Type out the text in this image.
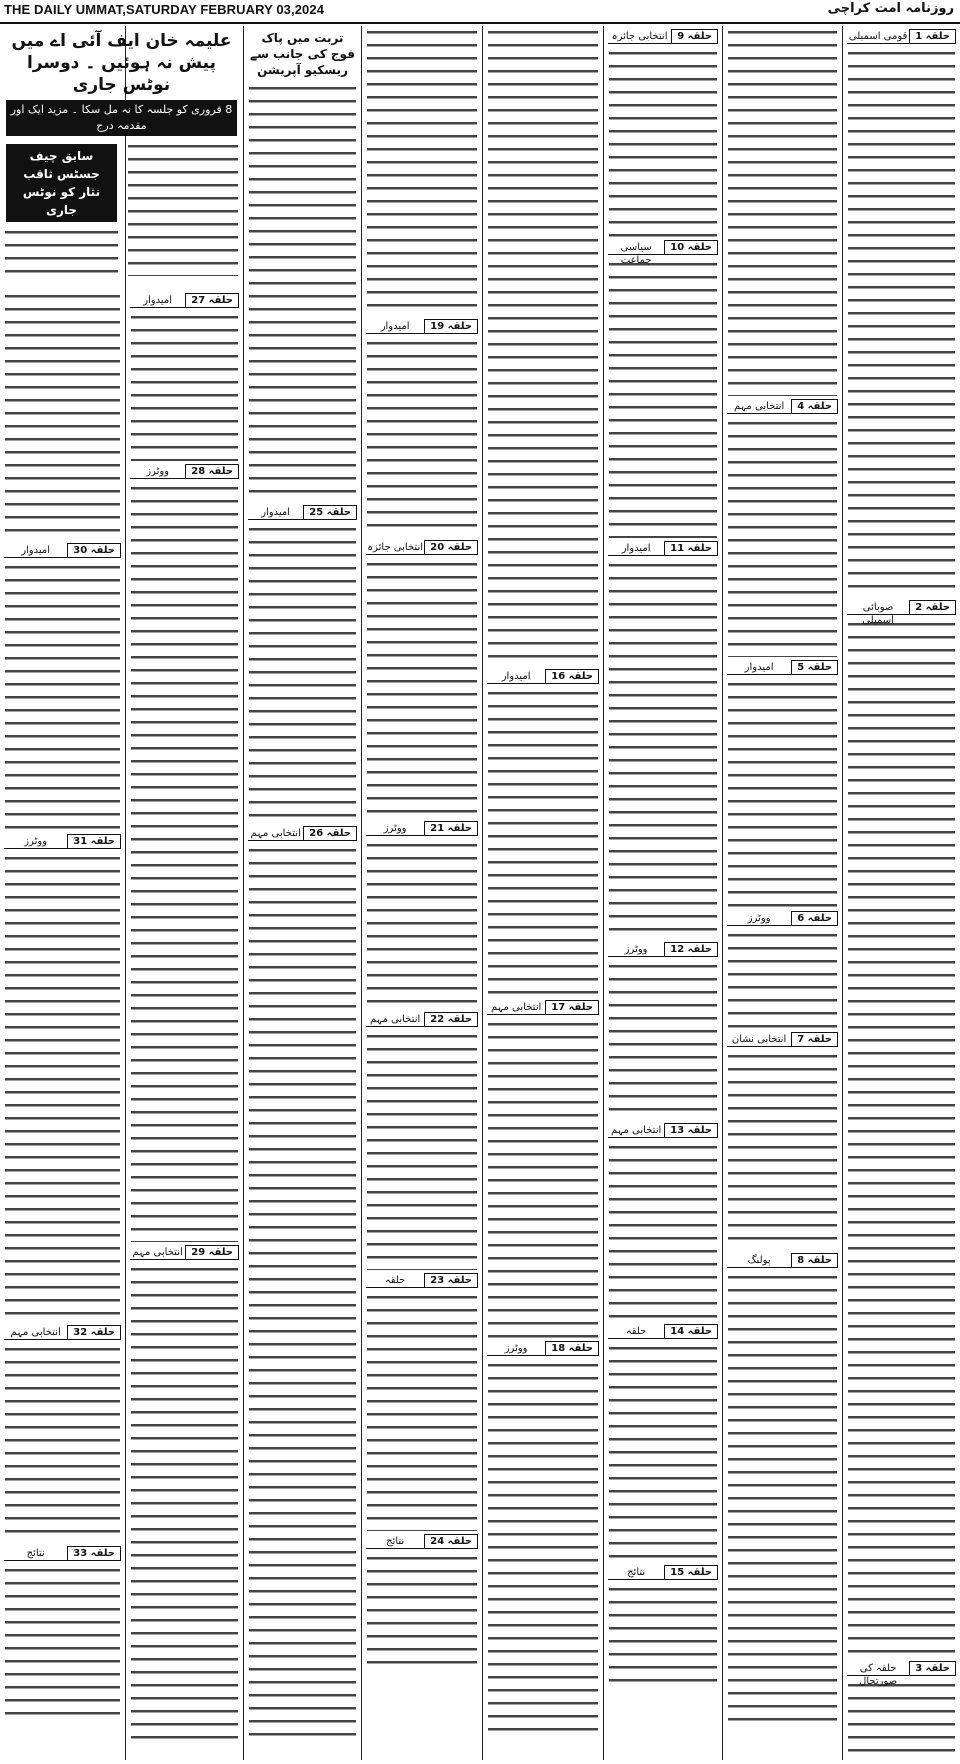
THE DAILY UMMAT,SATURDAY FEBRUARY 03,2024	روزنامہ امت کراچی
حلقہ 1
قومی اسمبلی
حلقہ 2
صوبائی اسمبلی
حلقہ 3
حلقہ کی صورتحال
حلقہ 4
انتخابی مہم
حلقہ 5
امیدوار
حلقہ 6
ووٹرز
حلقہ 7
انتخابی نشان
حلقہ 8
پولنگ
حلقہ 9
انتخابی جائزہ
حلقہ 10
سیاسی جماعت
حلقہ 11
امیدوار
حلقہ 12
ووٹرز
حلقہ 13
انتخابی مہم
حلقہ 14
حلقہ
حلقہ 15
نتائج
حلقہ 16
امیدوار
حلقہ 17
انتخابی مہم
حلقہ 18
ووٹرز
حلقہ 19
امیدوار
حلقہ 20
انتخابی جائزہ
حلقہ 21
ووٹرز
حلقہ 22
انتخابی مہم
حلقہ 23
حلقہ
حلقہ 24
نتائج
تربت میں پاک فوج کی جانب سے ریسکیو آپریشن
حلقہ 25
امیدوار
حلقہ 26
انتخابی مہم
علیمہ خان ایف آئی اے میں پیش نہ ہوئیں ۔ دوسرا نوٹس جاری
8 فروری کو جلسہ کا نہ مل سکا ۔ مزید ایک اور مقدمہ درج
سابق چیف جسٹس ثاقب نثار کو نوٹس جاری
حلقہ 27
امیدوار
حلقہ 28
ووٹرز
حلقہ 29
انتخابی مہم
حلقہ 30
امیدوار
حلقہ 31
ووٹرز
حلقہ 32
انتخابی مہم
حلقہ 33
نتائج
